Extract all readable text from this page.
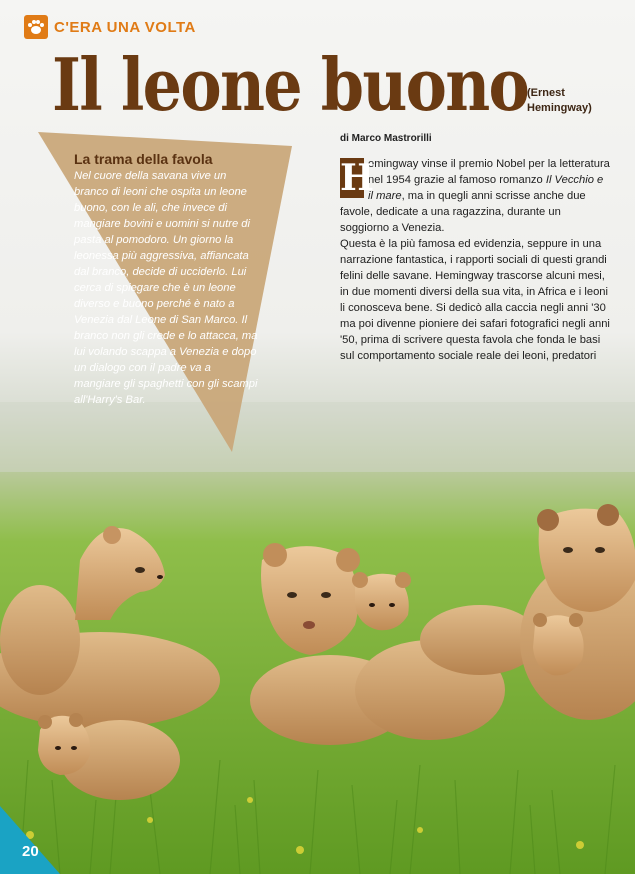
C'ERA UNA VOLTA
Il leone buono
(Ernest Hemingway)
di Marco Mastrorilli
La trama della favola
Nel cuore della savana vive un branco di leoni che ospita un leone buono, con le ali, che invece di mangiare bovini e uomini si nutre di pasta al pomodoro. Un giorno la leonessa più aggressiva, affiancata dal branco, decide di ucciderlo. Lui cerca di spiegare che è un leone diverso e buono perché è nato a Venezia dal Leone di San Marco. Il branco non gli crede e lo attacca, ma lui volando scappa a Venezia e dopo un dialogo con il padre va a mangiare gli spaghetti con gli scampi all'Harry's Bar.
H

emingway vinse il premio Nobel per la letteratura nel 1954 grazie al famoso romanzo Il Vecchio e il mare, ma in quegli anni scrisse anche due favole, dedicate a una ragazzina, durante un soggiorno a Venezia.

Questa è la più famosa ed evidenzia, seppure in una narrazione fantastica, i rapporti sociali di questi grandi felini delle savane. Hemingway trascorse alcuni mesi, in due momenti diversi della sua vita, in Africa e i leoni li conosceva bene. Si dedicò alla caccia negli anni '30 ma poi divenne pioniere dei safari fotografici negli anni '50, prima di scrivere questa favola che fonda le basi sul comportamento sociale reale dei leoni, predatori

20
